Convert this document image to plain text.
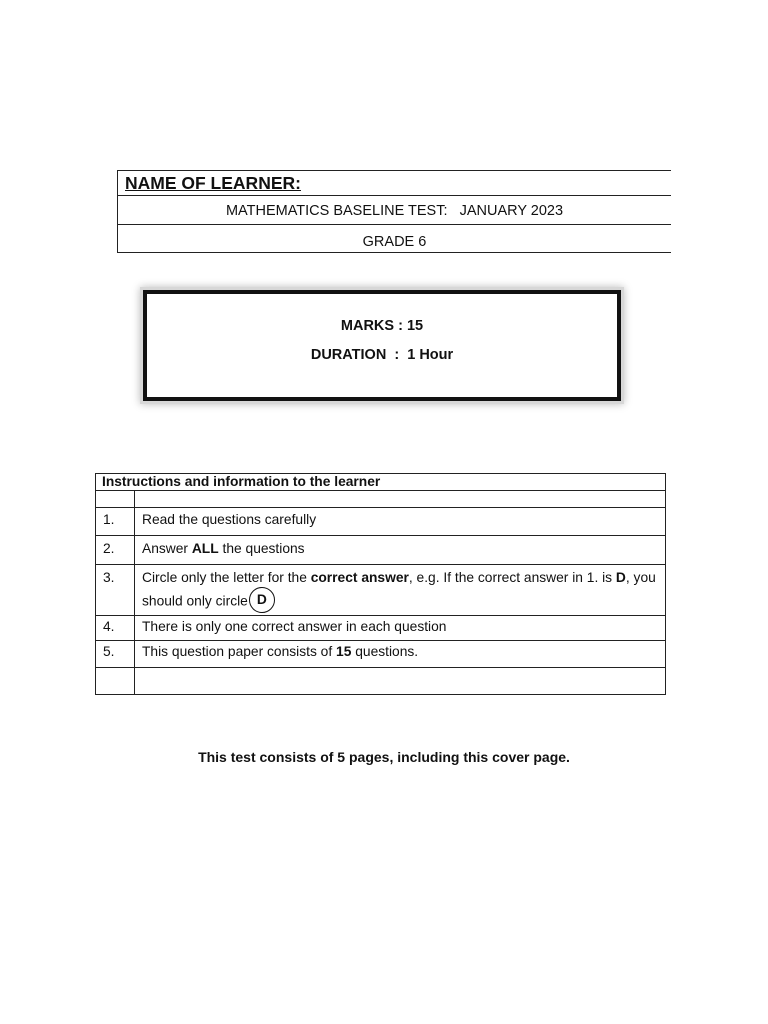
NAME OF LEARNER:
MATHEMATICS BASELINE TEST:   JANUARY 2023
GRADE 6
MARKS : 15
DURATION  :  1 Hour
Instructions and information to the learner	

1.	Read the questions carefully
2.	Answer ALL the questions
3.	Circle only the letter for the correct answer, e.g. If the correct answer in 1. is D, you should only circle D
4.	There is only one correct answer in each question
5.	This question paper consists of 15 questions.

This test consists of 5 pages, including this cover page.
